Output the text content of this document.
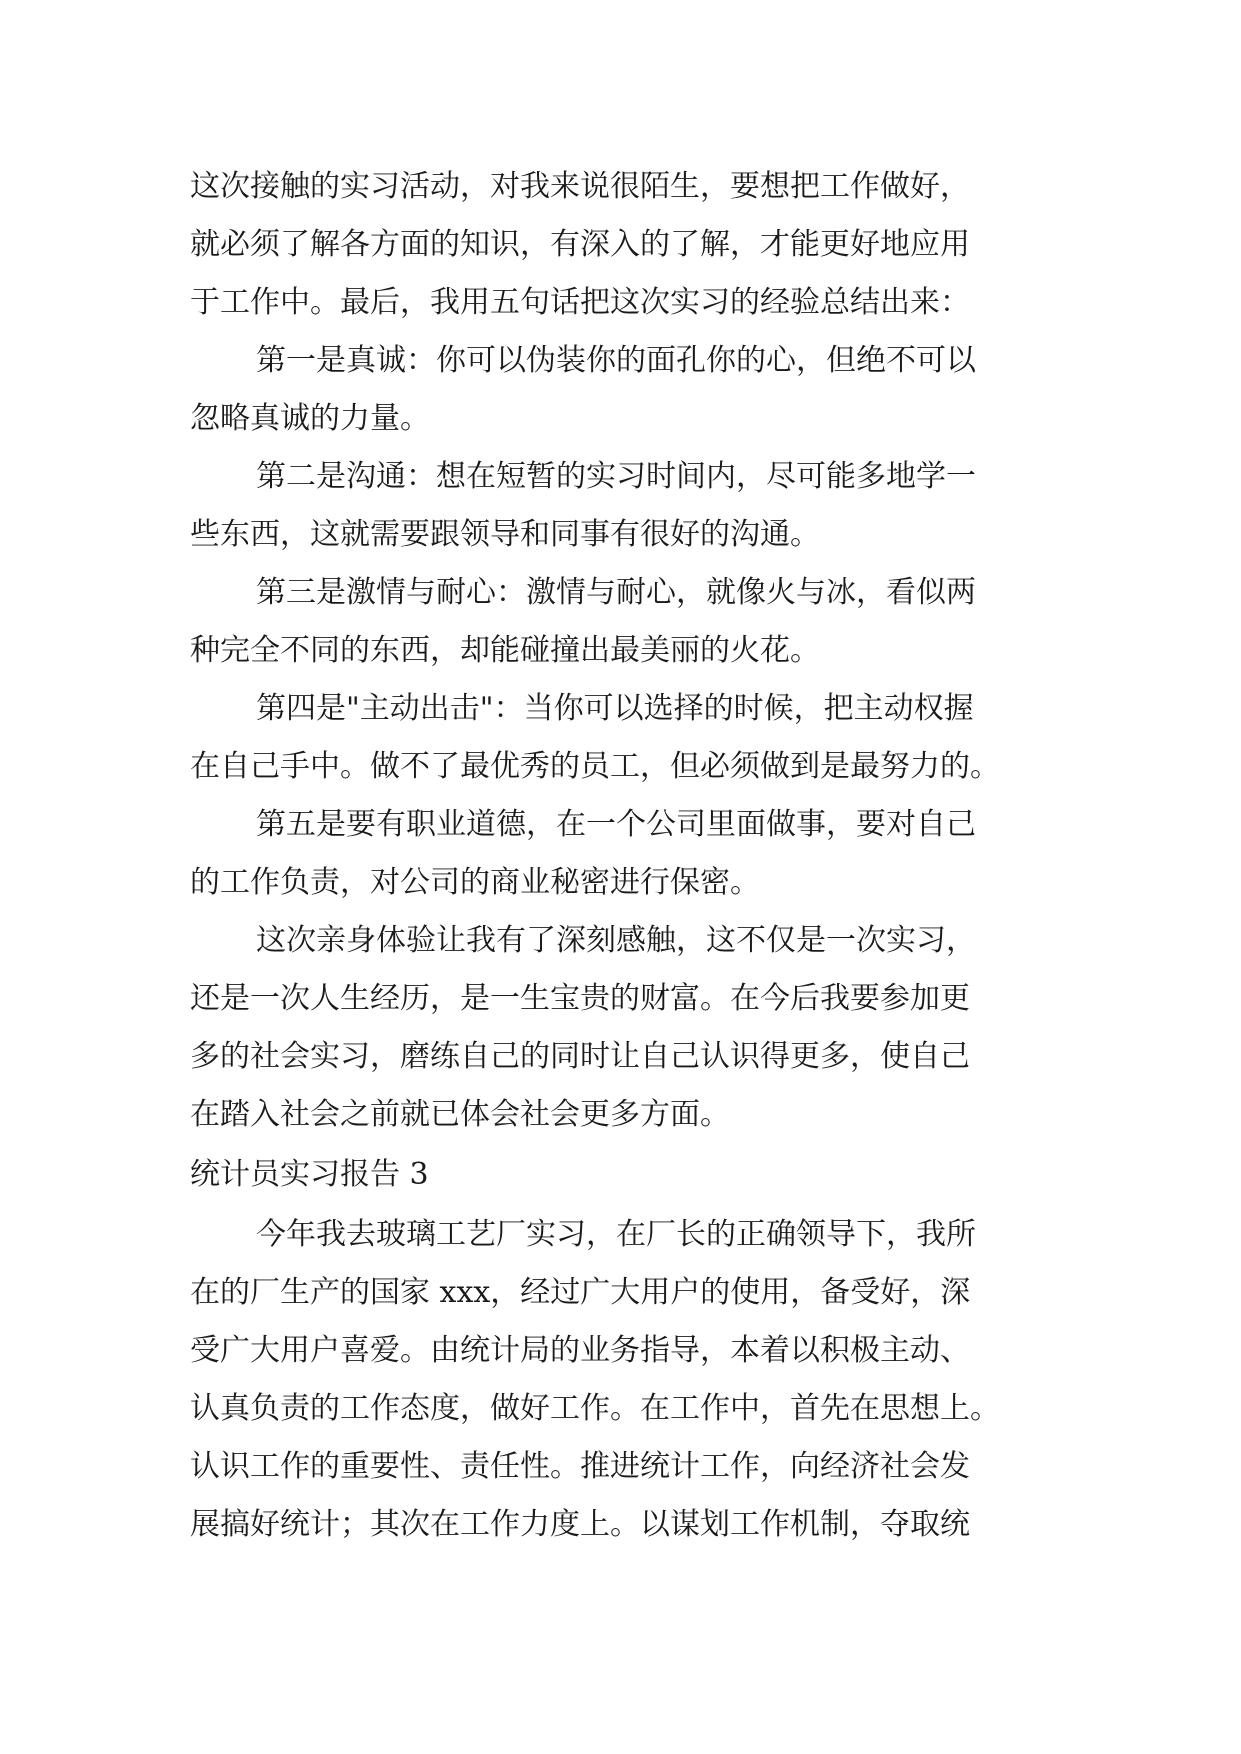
这次接触的实习活动，对我来说很陌生，要想把工作做好，
就必须了解各方面的知识，有深入的了解，才能更好地应用
于工作中。最后，我用五句话把这次实习的经验总结出来：
第一是真诚：你可以伪装你的面孔你的心，但绝不可以
忽略真诚的力量。
第二是沟通：想在短暂的实习时间内，尽可能多地学一
些东西，这就需要跟领导和同事有很好的沟通。
第三是激情与耐心：激情与耐心，就像火与冰，看似两
种完全不同的东西，却能碰撞出最美丽的火花。
第四是"主动出击"：当你可以选择的时候，把主动权握
在自己手中。做不了最优秀的员工，但必须做到是最努力的。
第五是要有职业道德，在一个公司里面做事，要对自己
的工作负责，对公司的商业秘密进行保密。
这次亲身体验让我有了深刻感触，这不仅是一次实习，
还是一次人生经历，是一生宝贵的财富。在今后我要参加更
多的社会实习，磨练自己的同时让自己认识得更多，使自己
在踏入社会之前就已体会社会更多方面。
统计员实习报告 3
今年我去玻璃工艺厂实习，在厂长的正确领导下，我所
在的厂生产的国家 xxx，经过广大用户的使用，备受好，深
受广大用户喜爱。由统计局的业务指导，本着以积极主动、
认真负责的工作态度，做好工作。在工作中，首先在思想上。
认识工作的重要性、责任性。推进统计工作，向经济社会发
展搞好统计；其次在工作力度上。以谋划工作机制，夺取统
